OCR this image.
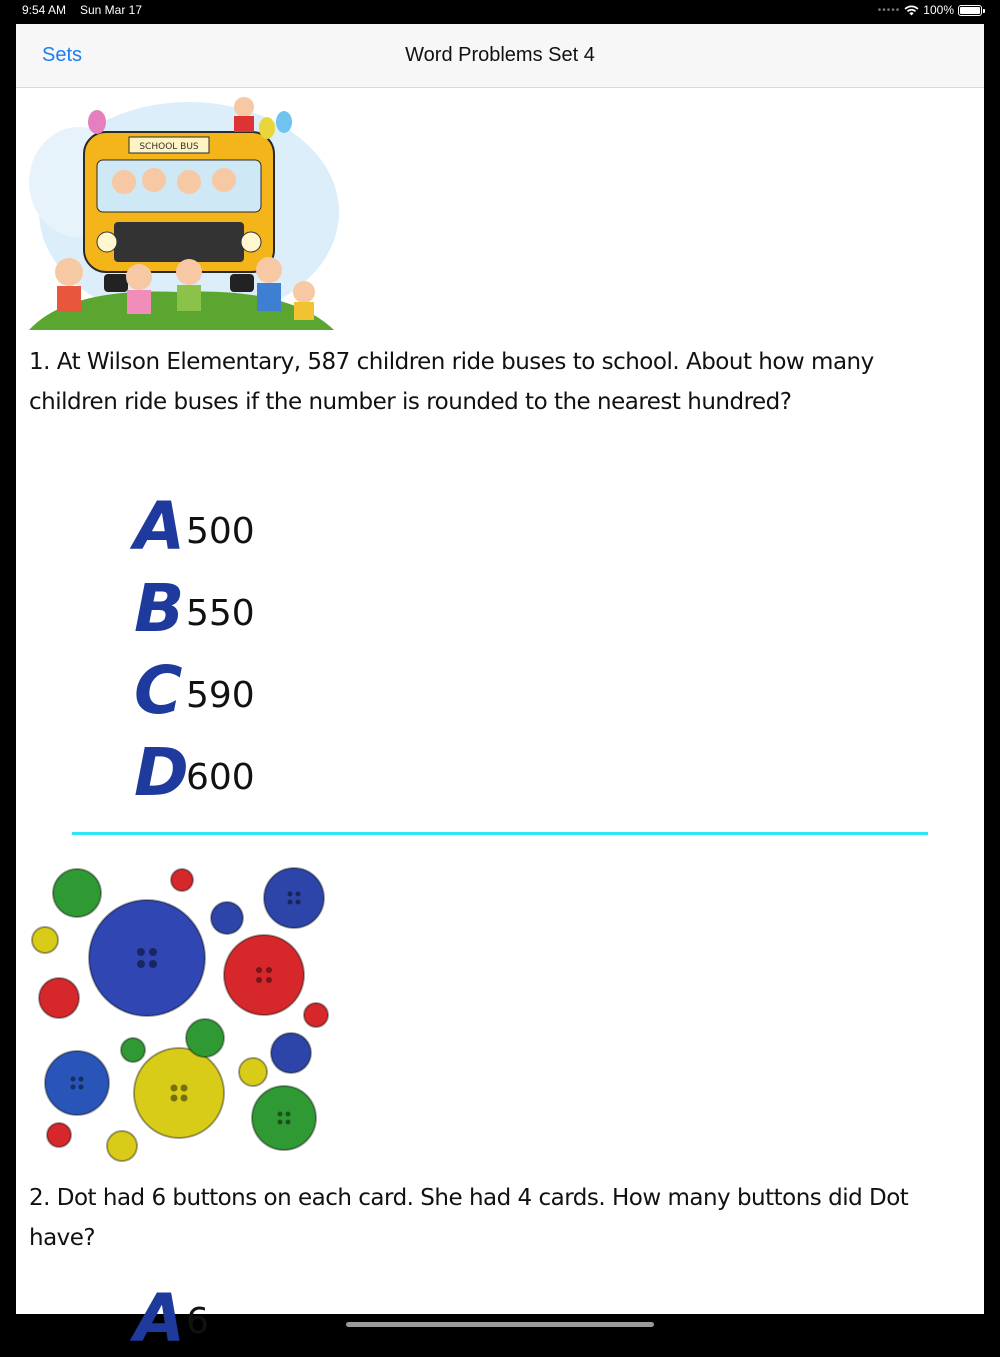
9:54 AM Sun Mar 17	••••• 100%
Sets	Word Problems Set 4
SCHOOL BUS
1. At Wilson Elementary, 587 children ride buses to school. About how many children ride buses if the number is rounded to the nearest hundred?
A 500
B 550
C 590
D
600
2. Dot had 6 buttons on each card. She had 4 cards. How many buttons did Dot have?
A 6
